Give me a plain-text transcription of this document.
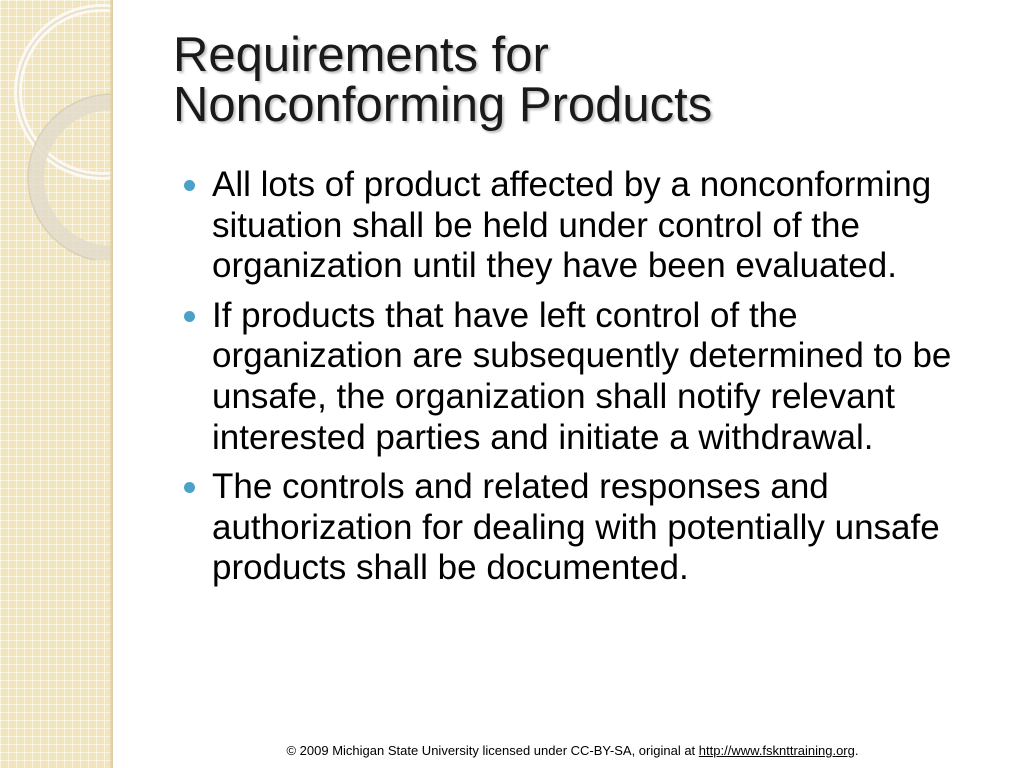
Requirements for
Nonconforming Products
All lots of product affected by a nonconforming situation shall be held under control of the organization until they have been evaluated.
If products that have left control of the organization are subsequently determined to be unsafe, the organization shall notify relevant interested parties and initiate a withdrawal.
The controls and related responses and authorization for dealing with potentially unsafe products shall be documented.
© 2009 Michigan State University licensed under CC-BY-SA, original at http://www.fsknttraining.org.
